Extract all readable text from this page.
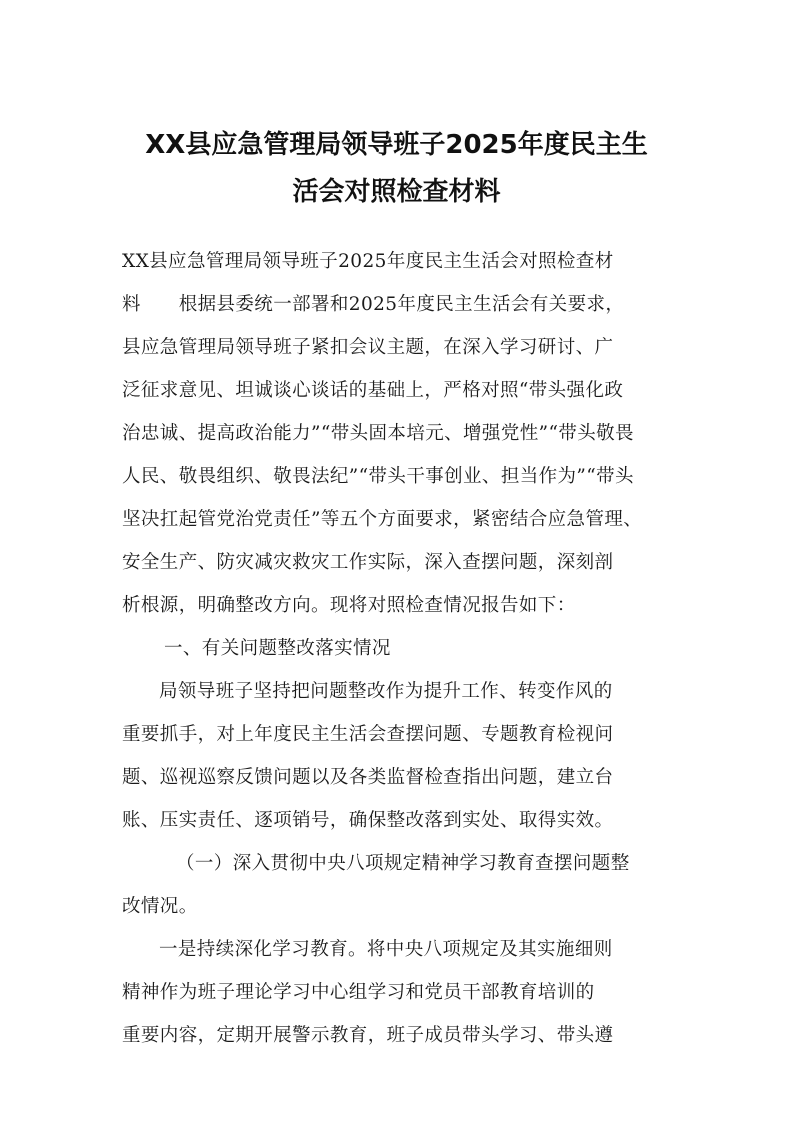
XX县应急管理局领导班子2025年度民主生
活会对照检查材料
XX县应急管理局领导班子2025年度民主生活会对照检查材
料　　根据县委统一部署和2025年度民主生活会有关要求，
县应急管理局领导班子紧扣会议主题，在深入学习研讨、广
泛征求意见、坦诚谈心谈话的基础上，严格对照“带头强化政
治忠诚、提高政治能力”“带头固本培元、增强党性”“带头敬畏
人民、敬畏组织、敬畏法纪”“带头干事创业、担当作为”“带头
坚决扛起管党治党责任”等五个方面要求，紧密结合应急管理、
安全生产、防灾减灾救灾工作实际，深入查摆问题，深刻剖
析根源，明确整改方向。现将对照检查情况报告如下：
一、有关问题整改落实情况
局领导班子坚持把问题整改作为提升工作、转变作风的
重要抓手，对上年度民主生活会查摆问题、专题教育检视问
题、巡视巡察反馈问题以及各类监督检查指出问题，建立台
账、压实责任、逐项销号，确保整改落到实处、取得实效。
（一）深入贯彻中央八项规定精神学习教育查摆问题整
改情况。
一是持续深化学习教育。将中央八项规定及其实施细则
精神作为班子理论学习中心组学习和党员干部教育培训的
重要内容，定期开展警示教育，班子成员带头学习、带头遵
